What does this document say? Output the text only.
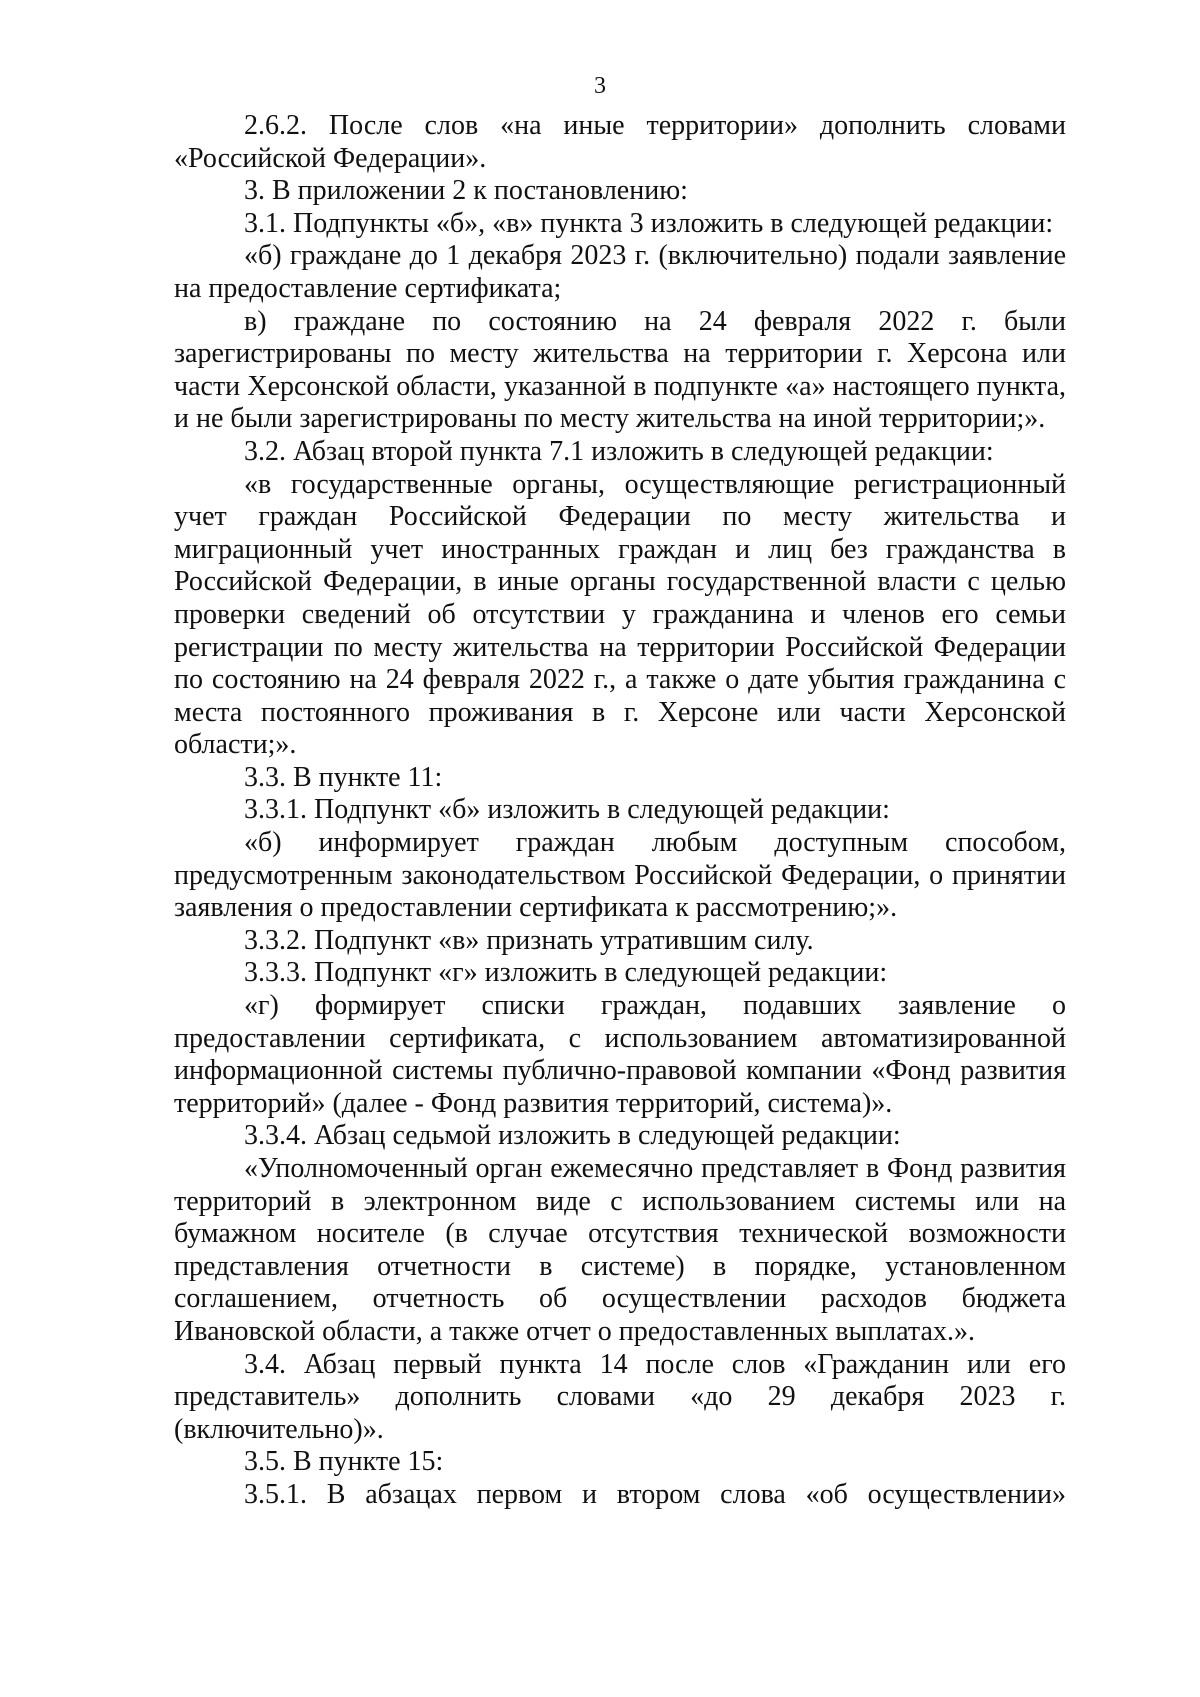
3

2.6.2. После слов «на иные территории» дополнить словами «Российской Федерации».

3. В приложении 2 к постановлению:

3.1. Подпункты «б», «в» пункта 3 изложить в следующей редакции:

«б) граждане до 1 декабря 2023 г. (включительно) подали заявление на предоставление сертификата;

в) граждане по состоянию на 24 февраля 2022 г. были зарегистрированы по месту жительства на территории г. Херсона или части Херсонской области, указанной в подпункте «а» настоящего пункта, и не были зарегистрированы по месту жительства на иной территории;».

3.2. Абзац второй пункта 7.1 изложить в следующей редакции:

«в государственные органы, осуществляющие регистрационный учет граждан Российской Федерации по месту жительства и миграционный учет иностранных граждан и лиц без гражданства в Российской Федерации, в иные органы государственной власти с целью проверки сведений об отсутствии у гражданина и членов его семьи регистрации по месту жительства на территории Российской Федерации по состоянию на 24 февраля 2022 г., а также о дате убытия гражданина с места постоянного проживания в г. Херсоне или части Херсонской области;».

3.3. В пункте 11:

3.3.1. Подпункт «б» изложить в следующей редакции:

«б) информирует граждан любым доступным способом, предусмотренным законодательством Российской Федерации, о принятии заявления о предоставлении сертификата к рассмотрению;».

3.3.2. Подпункт «в» признать утратившим силу.

3.3.3. Подпункт «г» изложить в следующей редакции:

«г) формирует списки граждан, подавших заявление о предоставлении сертификата, с использованием автоматизированной информационной системы публично-правовой компании «Фонд развития территорий» (далее - Фонд развития территорий, система)».

3.3.4. Абзац седьмой изложить в следующей редакции:

«Уполномоченный орган ежемесячно представляет в Фонд развития территорий в электронном виде с использованием системы или на бумажном носителе (в случае отсутствия технической возможности представления отчетности в системе) в порядке, установленном соглашением, отчетность об осуществлении расходов бюджета Ивановской области, а также отчет о предоставленных выплатах.».

3.4. Абзац первый пункта 14 после слов «Гражданин или его представитель» дополнить словами «до 29 декабря 2023 г. (включительно)».

3.5. В пункте 15:

3.5.1. В абзацах первом и втором слова «об осуществлении»
